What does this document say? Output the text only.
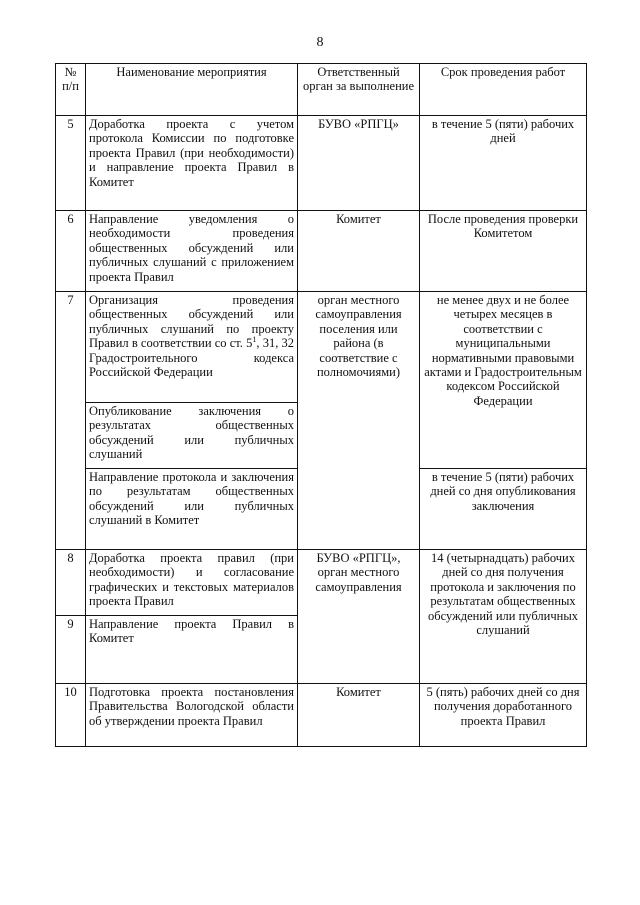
8
№ п/п	Наименование мероприятия	Ответственный орган за выполнение	Срок проведения работ
5	Доработка проекта с учетом протокола Комиссии по подготовке проекта Правил (при необходимости) и направление проекта Правил в Комитет	БУВО «РПГЦ»	в течение 5 (пяти) рабочих дней
6	Направление уведомления о необходимости проведения общественных обсуждений или публичных слушаний с приложением проекта Правил	Комитет	После проведения проверки Комитетом
7	Организация проведения общественных обсуждений или публичных слушаний по проекту Правил в соответствии со ст. $5^1$, 31, 32 Градостроительного кодекса Российской Федерации	орган местного самоуправления поселения или района (в соответствие с полномочиями)	не менее двух и не более четырех месяцев в соответствии с муниципальными нормативными правовыми актами и Градостроительным кодексом Российской Федерации
	Опубликование заключения о результатах общественных обсуждений или публичных слушаний		
	Направление протокола и заключения по результатам общественных обсуждений или публичных слушаний в Комитет		в течение 5 (пяти) рабочих дней со дня опубликования заключения
8	Доработка проекта правил (при необходимости) и согласование графических и текстовых материалов проекта Правил	БУВО «РПГЦ», орган местного самоуправления	14 (четырнадцать) рабочих дней со дня получения протокола и заключения по результатам общественных обсуждений или публичных слушаний
9	Направление проекта Правил в Комитет		
10	Подготовка проекта постановления Правительства Вологодской области об утверждении проекта Правил	Комитет	5 (пять) рабочих дней со дня получения доработанного проекта Правил
